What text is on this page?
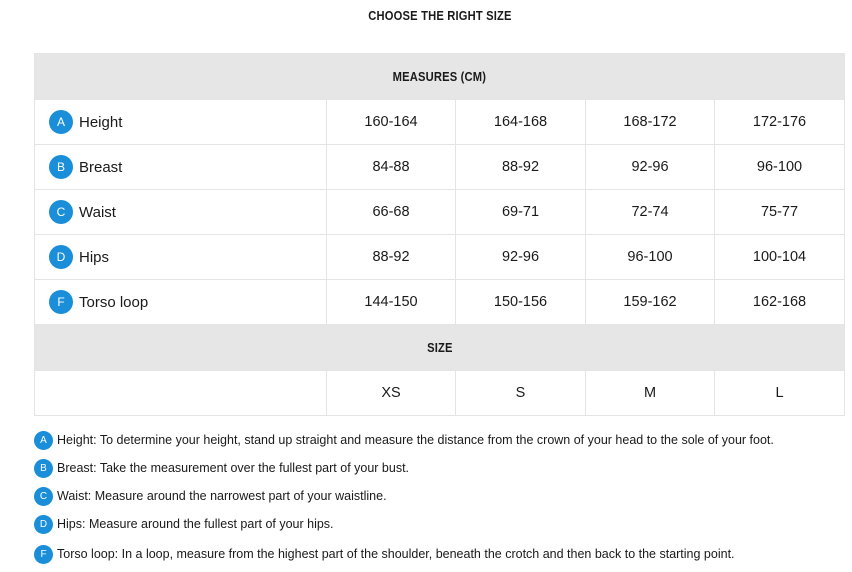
CHOOSE THE RIGHT SIZE
MEASURES (CM)				
A Height	160-164	164-168	168-172	172-176
B Breast	84-88	88-92	92-96	96-100
C Waist	66-68	69-71	72-74	75-77
D Hips	88-92	92-96	96-100	100-104
F Torso loop	144-150	150-156	159-162	162-168
SIZE				
	XS	S	M	L
A Height: To determine your height, stand up straight and measure the distance from the crown of your head to the sole of your foot.
B Breast: Take the measurement over the fullest part of your bust.
C Waist: Measure around the narrowest part of your waistline.
D Hips: Measure around the fullest part of your hips.
F Torso loop: In a loop, measure from the highest part of the shoulder, beneath the crotch and then back to the starting point.
